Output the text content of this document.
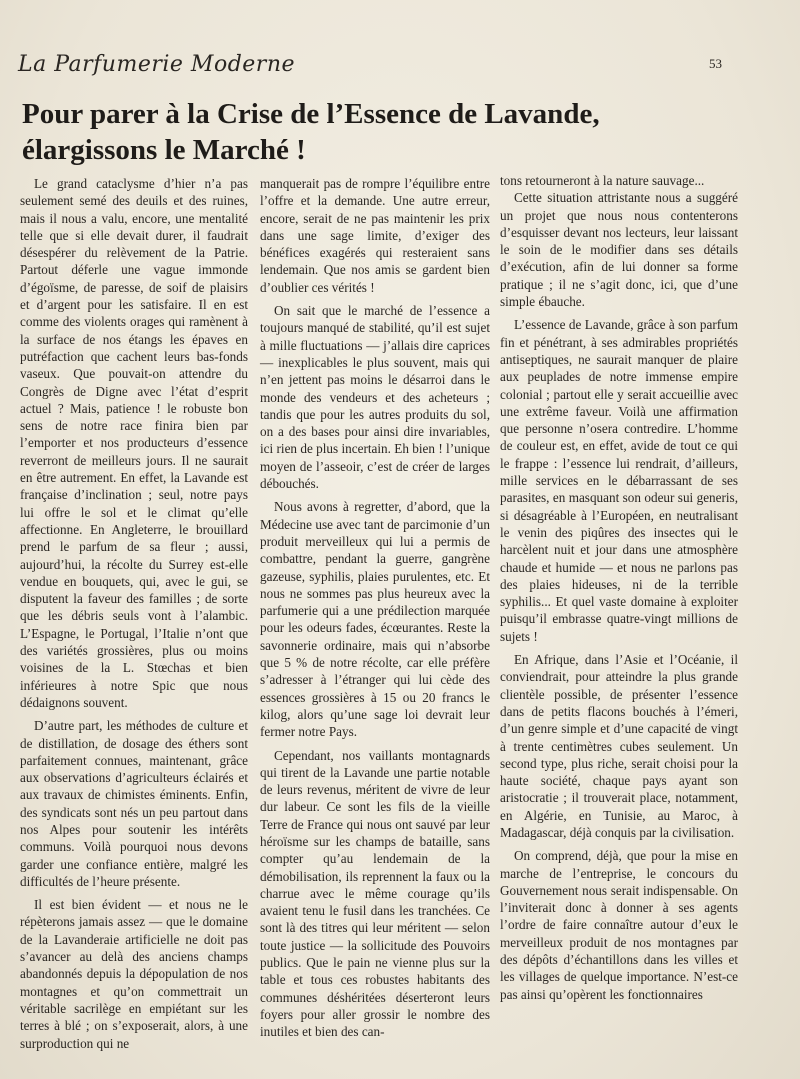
La Parfumerie Moderne	53
Pour parer à la Crise de l’Essence de Lavande,
élargissons le Marché !

Le grand cataclysme d’hier n’a pas seulement semé des deuils et des ruines, mais il nous a valu, encore, une mentalité telle que si elle devait durer, il faudrait désespérer du relèvement de la Patrie. Partout déferle une vague immonde d’égoïsme, de paresse, de soif de plaisirs et d’argent pour les satisfaire. Il en est comme des violents orages qui ramènent à la surface de nos étangs les épaves en putréfaction que cachent leurs bas-fonds vaseux. Que pouvait-on attendre du Congrès de Digne avec l’état d’esprit actuel ? Mais, patience ! le robuste bon sens de notre race finira bien par l’emporter et nos producteurs d’essence reverront de meilleurs jours. Il ne saurait en être autrement. En effet, la Lavande est française d’inclination ; seul, notre pays lui offre le sol et le climat qu’elle affectionne. En Angleterre, le brouillard prend le parfum de sa fleur ; aussi, aujourd’hui, la récolte du Surrey est-elle vendue en bouquets, qui, avec le gui, se disputent la faveur des familles ; de sorte que les débris seuls vont à l’alambic. L’Espagne, le Portugal, l’Italie n’ont que des variétés grossières, plus ou moins voisines de la L. Stœchas et bien inférieures à notre Spic que nous dédaignons souvent.

D’autre part, les méthodes de culture et de distillation, de dosage des éthers sont parfaitement connues, maintenant, grâce aux observations d’agriculteurs éclairés et aux travaux de chimistes éminents. Enfin, des syndicats sont nés un peu partout dans nos Alpes pour soutenir les intérêts communs. Voilà pourquoi nous devons garder une confiance entière, malgré les difficultés de l’heure présente.

Il est bien évident — et nous ne le répèterons jamais assez — que le domaine de la Lavanderaie artificielle ne doit pas s’avancer au delà des anciens champs abandonnés depuis la dépopulation de nos montagnes et qu’on commettrait un véritable sacrilège en empiétant sur les terres à blé ; on s’exposerait, alors, à une surproduction qui ne

manquerait pas de rompre l’équilibre entre l’offre et la demande. Une autre erreur, encore, serait de ne pas maintenir les prix dans une sage limite, d’exiger des bénéfices exagérés qui resteraient sans lendemain. Que nos amis se gardent bien d’oublier ces vérités !

On sait que le marché de l’essence a toujours manqué de stabilité, qu’il est sujet à mille fluctuations — j’allais dire caprices — inexplicables le plus souvent, mais qui n’en jettent pas moins le désarroi dans le monde des vendeurs et des acheteurs ; tandis que pour les autres produits du sol, on a des bases pour ainsi dire invariables, ici rien de plus incertain. Eh bien ! l’unique moyen de l’asseoir, c’est de créer de larges débouchés.

Nous avons à regretter, d’abord, que la Médecine use avec tant de parcimonie d’un produit merveilleux qui lui a permis de combattre, pendant la guerre, gangrène gazeuse, syphilis, plaies purulentes, etc. Et nous ne sommes pas plus heureux avec la parfumerie qui a une prédilection marquée pour les odeurs fades, écœurantes. Reste la savonnerie ordinaire, mais qui n’absorbe que 5 % de notre récolte, car elle préfère s’adresser à l’étranger qui lui cède des essences grossières à 15 ou 20 francs le kilog, alors qu’une sage loi devrait leur fermer notre Pays.

Cependant, nos vaillants montagnards qui tirent de la Lavande une partie notable de leurs revenus, méritent de vivre de leur dur labeur. Ce sont les fils de la vieille Terre de France qui nous ont sauvé par leur héroïsme sur les champs de bataille, sans compter qu’au lendemain de la démobilisation, ils reprennent la faux ou la charrue avec le même courage qu’ils avaient tenu le fusil dans les tranchées. Ce sont là des titres qui leur méritent — selon toute justice — la sollicitude des Pouvoirs publics. Que le pain ne vienne plus sur la table et tous ces robustes habitants des communes déshéritées déserteront leurs foyers pour aller grossir le nombre des inutiles et bien des can-

tons retourneront à la nature sauvage...

Cette situation attristante nous a suggéré un projet que nous nous contenterons d’esquisser devant nos lecteurs, leur laissant le soin de le modifier dans ses détails d’exécution, afin de lui donner sa forme pratique ; il ne s’agit donc, ici, que d’une simple ébauche.

L’essence de Lavande, grâce à son parfum fin et pénétrant, à ses admirables propriétés antiseptiques, ne saurait manquer de plaire aux peuplades de notre immense empire colonial ; partout elle y serait accueillie avec une extrême faveur. Voilà une affirmation que personne n’osera contredire. L’homme de couleur est, en effet, avide de tout ce qui le frappe : l’essence lui rendrait, d’ailleurs, mille services en le débarrassant de ses parasites, en masquant son odeur sui generis, si désagréable à l’Européen, en neutralisant le venin des piqûres des insectes qui le harcèlent nuit et jour dans une atmosphère chaude et humide — et nous ne parlons pas des plaies hideuses, ni de la terrible syphilis... Et quel vaste domaine à exploiter puisqu’il embrasse quatre-vingt millions de sujets !

En Afrique, dans l’Asie et l’Océanie, il conviendrait, pour atteindre la plus grande clientèle possible, de présenter l’essence dans de petits flacons bouchés à l’émeri, d’un genre simple et d’une capacité de vingt à trente centimètres cubes seulement. Un second type, plus riche, serait choisi pour la haute société, chaque pays ayant son aristocratie ; il trouverait place, notamment, en Algérie, en Tunisie, au Maroc, à Madagascar, déjà conquis par la civilisation.

On comprend, déjà, que pour la mise en marche de l’entreprise, le concours du Gouvernement nous serait indispensable. On l’inviterait donc à donner à ses agents l’ordre de faire connaître autour d’eux le merveilleux produit de nos montagnes par des dépôts d’échantillons dans les villes et les villages de quelque importance. N’est-ce pas ainsi qu’opèrent les fonctionnaires
